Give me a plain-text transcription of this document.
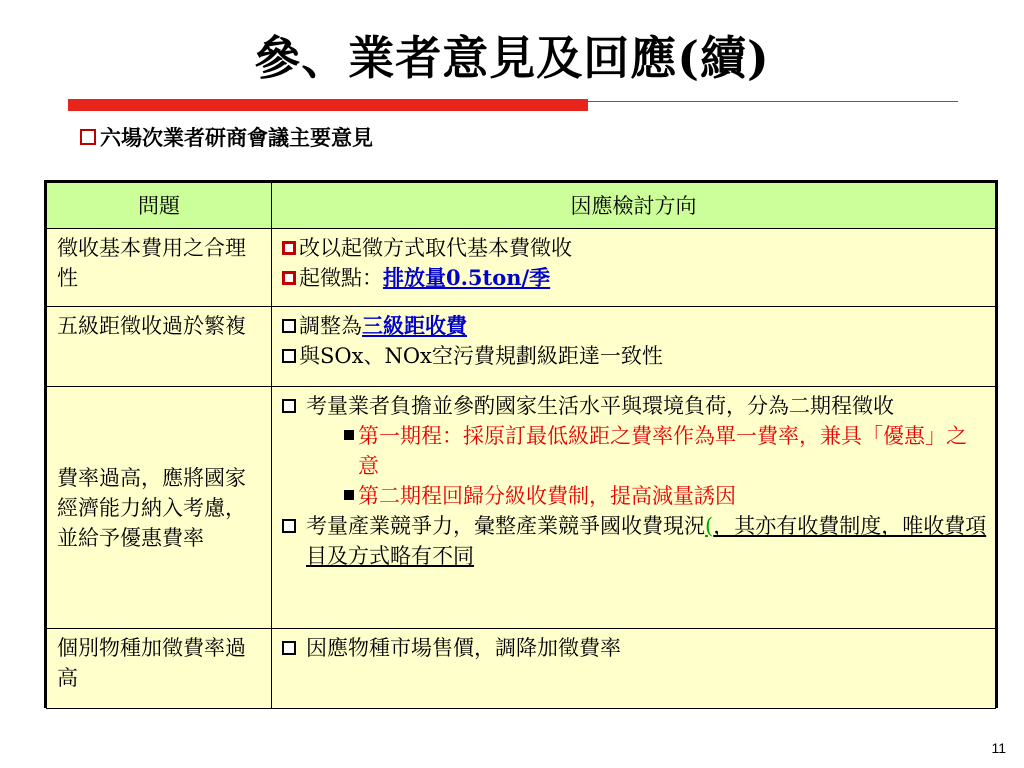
參、業者意見及回應(續)
六場次業者研商會議主要意見
問題	因應檢討方向
徵收基本費用之合理性	改以起徵方式取代基本費徵收
起徵點： 排放量0.5ton/季

五級距徵收過於繁複	調整為 三級距收費
與SOx、NOx空污費規劃級距達一致性

費率過高，應將國家經濟能力納入考慮，並給予優惠費率	考量業者負擔並參酌國家生活水平與環境負荷，分為二期程徵收
第一期程：採原訂最低級距之費率作為單一費率，兼具「優惠」之意
第二期程回歸分級收費制，提高減量誘因
考量產業競爭力，彙整產業競爭國收費現況(，其亦有收費制度，唯收費項目及方式略有不同

個別物種加徵費率過高	因應物種市場售價，調降加徵費率
11
